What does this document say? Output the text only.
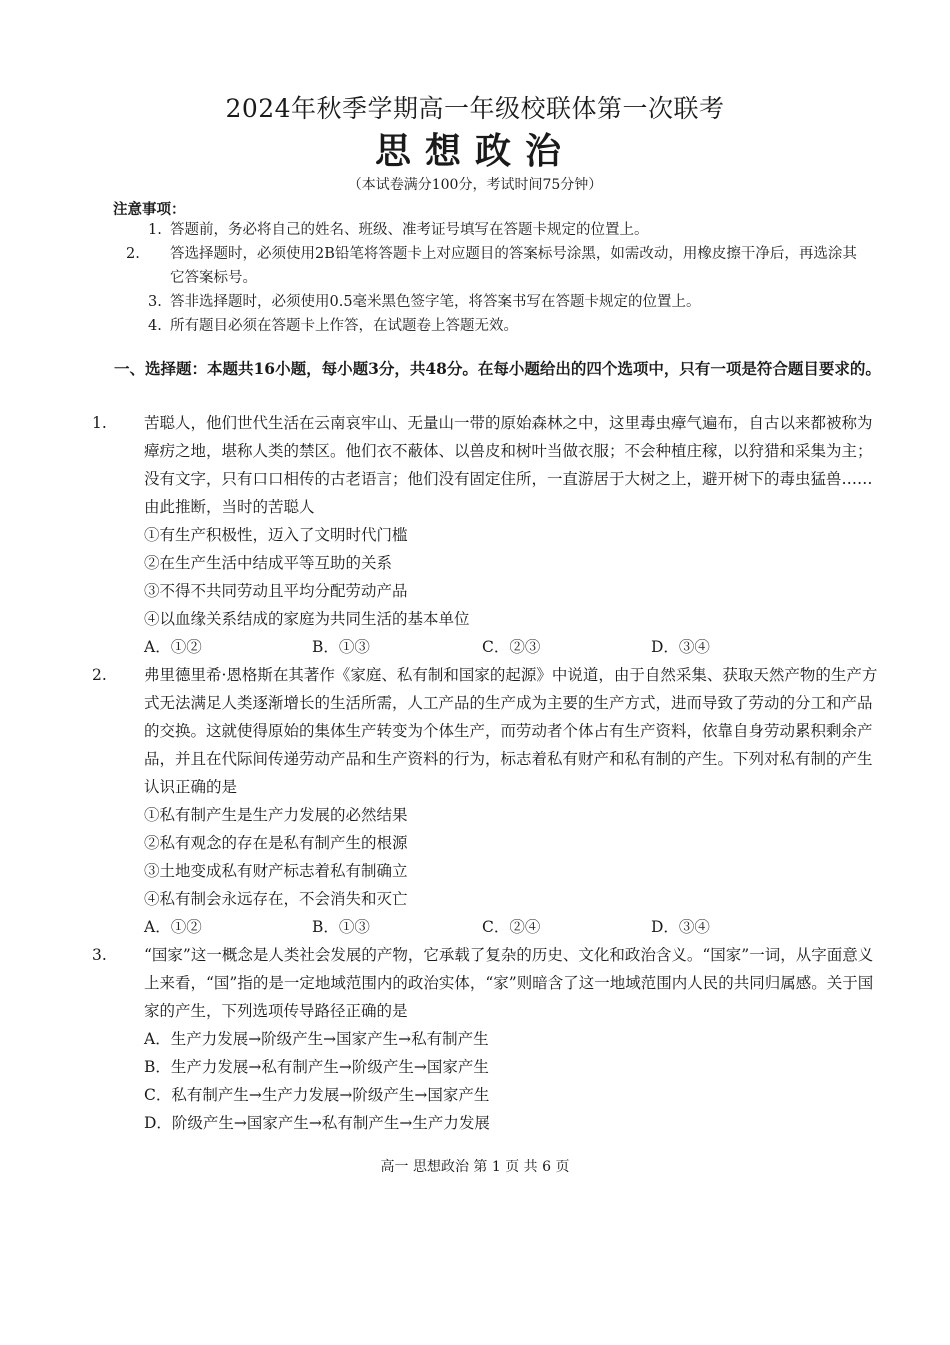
2024年秋季学期高一年级校联体第一次联考
思想政治
（本试卷满分100分，考试时间75分钟）
注意事项：
1. 答题前，务必将自己的姓名、班级、准考证号填写在答题卡规定的位置上。
2. 答选择题时，必须使用2B铅笔将答题卡上对应题目的答案标号涂黑，如需改动，用橡皮擦干净后，再选涂其它答案标号。
3. 答非选择题时，必须使用0.5毫米黑色签字笔，将答案书写在答题卡规定的位置上。
4. 所有题目必须在答题卡上作答，在试题卷上答题无效。
一、选择题：本题共16小题，每小题3分，共48分。在每小题给出的四个选项中，只有一项是符合题目要求的。
1. 苦聪人，他们世代生活在云南哀牢山、无量山一带的原始森林之中，这里毒虫瘴气遍布，自古以来都被称为瘴疠之地，堪称人类的禁区。他们衣不蔽体、以兽皮和树叶当做衣服；不会种植庄稼，以狩猎和采集为主；没有文字，只有口口相传的古老语言；他们没有固定住所，一直游居于大树之上，避开树下的毒虫猛兽……由此推断，当时的苦聪人
①有生产积极性，迈入了文明时代门槛
②在生产生活中结成平等互助的关系
③不得不共同劳动且平均分配劳动产品
④以血缘关系结成的家庭为共同生活的基本单位
A．①②	B．①③	C．②③	D．③④
2. 弗里德里希·恩格斯在其著作《家庭、私有制和国家的起源》中说道，由于自然采集、获取天然产物的生产方式无法满足人类逐渐增长的生活所需，人工产品的生产成为主要的生产方式，进而导致了劳动的分工和产品的交换。这就使得原始的集体生产转变为个体生产，而劳动者个体占有生产资料，依靠自身劳动累积剩余产品，并且在代际间传递劳动产品和生产资料的行为，标志着私有财产和私有制的产生。下列对私有制的产生认识正确的是
①私有制产生是生产力发展的必然结果
②私有观念的存在是私有制产生的根源
③土地变成私有财产标志着私有制确立
④私有制会永远存在，不会消失和灭亡
A．①②	B．①③	C．②④	D．③④
3. “国家”这一概念是人类社会发展的产物，它承载了复杂的历史、文化和政治含义。“国家”一词，从字面意义上来看，“国”指的是一定地域范围内的政治实体，“家”则暗含了这一地域范围内人民的共同归属感。关于国家的产生，下列选项传导路径正确的是
A．生产力发展→阶级产生→国家产生→私有制产生
B．生产力发展→私有制产生→阶级产生→国家产生
C．私有制产生→生产力发展→阶级产生→国家产生
D．阶级产生→国家产生→私有制产生→生产力发展
高一 思想政治 第 1 页 共 6 页
